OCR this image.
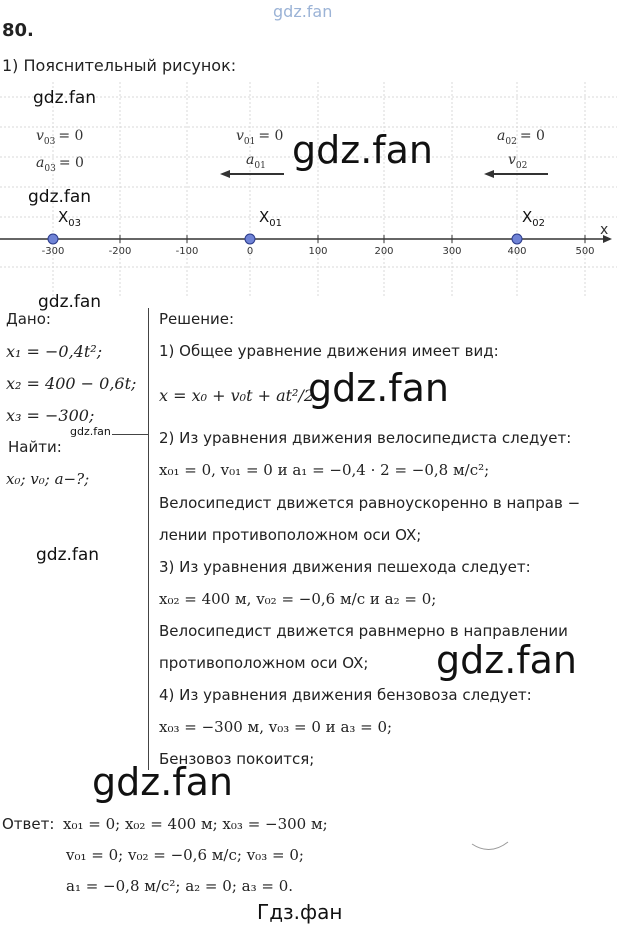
gdz.fan
80.
1) Пояснительный рисунок:
-300	-200	-100	0	100	200	300	400	500
x
$X_{03}$	$X_{01}$	$X_{02}$
$v_{03} = 0$
$a_{03} = 0$
$v_{01} = 0$
$a_{01}$
$a_{02} = 0$
$v_{02}$
gdz.fan
gdz.fan
gdz.fan
gdz.fan
Дано:
x₁ = −0,4t²;
x₂ = 400 − 0,6t;
x₃ = −300;
gdz.fan
Найти:
x₀; v₀; a−?;
gdz.fan
Решение:
1) Общее уравнение движения имеет вид:
x = x₀ + v₀t + at²/2
gdz.fan
2) Из уравнения движения велосипедиста следует:
x₀₁ = 0, v₀₁ = 0 и a₁ = −0,4 · 2 = −0,8 м/с²;
Велосипедист движется равноускоренно в направ −
лении противоположном оси OX;
3) Из уравнения движения пешехода следует:
x₀₂ = 400 м, v₀₂ = −0,6 м/с и a₂ = 0;
Велосипедист движется равнмерно в направлении
противоположном оси OX; gdz.fan
4) Из уравнения движения бензовоза следует:
x₀₃ = −300 м, v₀₃ = 0 и a₃ = 0;
Бензовоз покоится;
gdz.fan
Ответ: x₀₁ = 0; x₀₂ = 400 м; x₀₃ = −300 м;
v₀₁ = 0; v₀₂ = −0,6 м/с; v₀₃ = 0;
a₁ = −0,8 м/с²; a₂ = 0; a₃ = 0.
Гдз.фан
